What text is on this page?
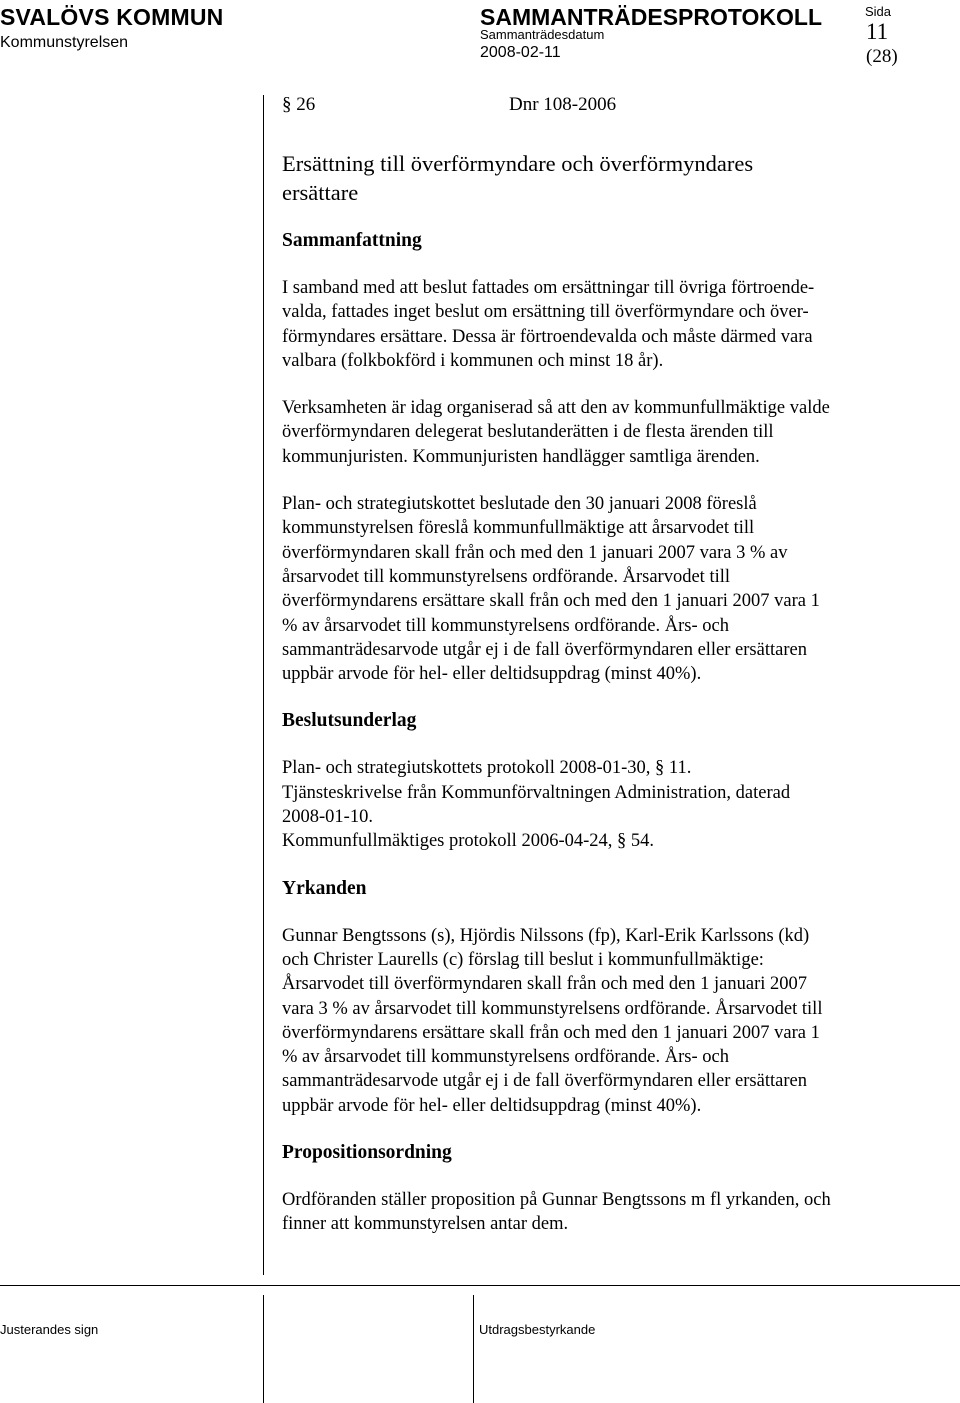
SVALÖVS KOMMUN
Kommunstyrelsen
SAMMANTRÄDESPROTOKOLL
Sammanträdesdatum
2008-02-11
Sida
11
(28)
§ 26	Dnr 108-2006
Ersättning till överförmyndare och överförmyndares
ersättare
Sammanfattning

I samband med att beslut fattades om ersättningar till övriga förtroende-
valda, fattades inget beslut om ersättning till överförmyndare och över-
förmyndares ersättare. Dessa är förtroendevalda och måste därmed vara
valbara (folkbokförd i kommunen och minst 18 år).

Verksamheten är idag organiserad så att den av kommunfullmäktige valde
överförmyndaren delegerat beslutanderätten i de flesta ärenden till
kommunjuristen. Kommunjuristen handlägger samtliga ärenden.

Plan- och strategiutskottet beslutade den 30 januari 2008 föreslå
kommunstyrelsen föreslå kommunfullmäktige att årsarvodet till
överförmyndaren skall från och med den 1 januari 2007 vara 3 % av
årsarvodet till kommunstyrelsens ordförande. Årsarvodet till
överförmyndarens ersättare skall från och med den 1 januari 2007 vara 1
% av årsarvodet till kommunstyrelsens ordförande. Års- och
sammanträdesarvode utgår ej i de fall överförmyndaren eller ersättaren
uppbär arvode för hel- eller deltidsuppdrag (minst 40%).

Beslutsunderlag

Plan- och strategiutskottets protokoll 2008-01-30, § 11.
Tjänsteskrivelse från Kommunförvaltningen Administration, daterad
2008-01-10.
Kommunfullmäktiges protokoll 2006-04-24, § 54.

Yrkanden

Gunnar Bengtssons (s), Hjördis Nilssons (fp), Karl-Erik Karlssons (kd)
och Christer Laurells (c) förslag till beslut i kommunfullmäktige:
Årsarvodet till överförmyndaren skall från och med den 1 januari 2007
vara 3 % av årsarvodet till kommunstyrelsens ordförande. Årsarvodet till
överförmyndarens ersättare skall från och med den 1 januari 2007 vara 1
% av årsarvodet till kommunstyrelsens ordförande. Års- och
sammanträdesarvode utgår ej i de fall överförmyndaren eller ersättaren
uppbär arvode för hel- eller deltidsuppdrag (minst 40%).

Propositionsordning

Ordföranden ställer proposition på Gunnar Bengtssons m fl yrkanden, och
finner att kommunstyrelsen antar dem.

Justerandes sign	Utdragsbestyrkande
